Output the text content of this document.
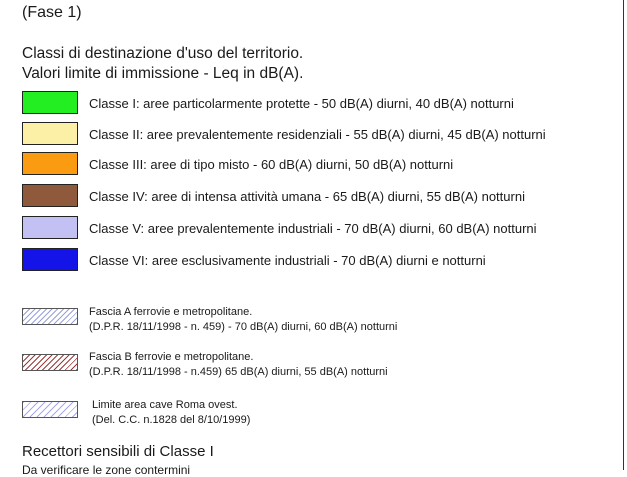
(Fase 1)
Classi di destinazione d'uso del territorio.
Valori limite di immissione - Leq in dB(A).
Classe I: aree particolarmente protette - 50 dB(A) diurni, 40 dB(A) notturni
Classe II: aree prevalentemente residenziali - 55 dB(A) diurni, 45 dB(A) notturni
Classe III: aree di tipo misto - 60 dB(A) diurni, 50 dB(A) notturni
Classe IV: aree di intensa attività umana - 65 dB(A) diurni, 55 dB(A) notturni
Classe V: aree prevalentemente industriali - 70 dB(A) diurni, 60 dB(A) notturni
Classe VI: aree esclusivamente industriali - 70 dB(A) diurni e notturni
Fascia A ferrovie e metropolitane.
(D.P.R. 18/11/1998 - n. 459) - 70 dB(A) diurni, 60 dB(A) notturni
Fascia B ferrovie e metropolitane.
(D.P.R. 18/11/1998 - n.459) 65 dB(A) diurni, 55 dB(A) notturni
Limite area cave Roma ovest.
(Del. C.C. n.1828 del 8/10/1999)
Recettori sensibili di Classe I
Da verificare le zone contermini
